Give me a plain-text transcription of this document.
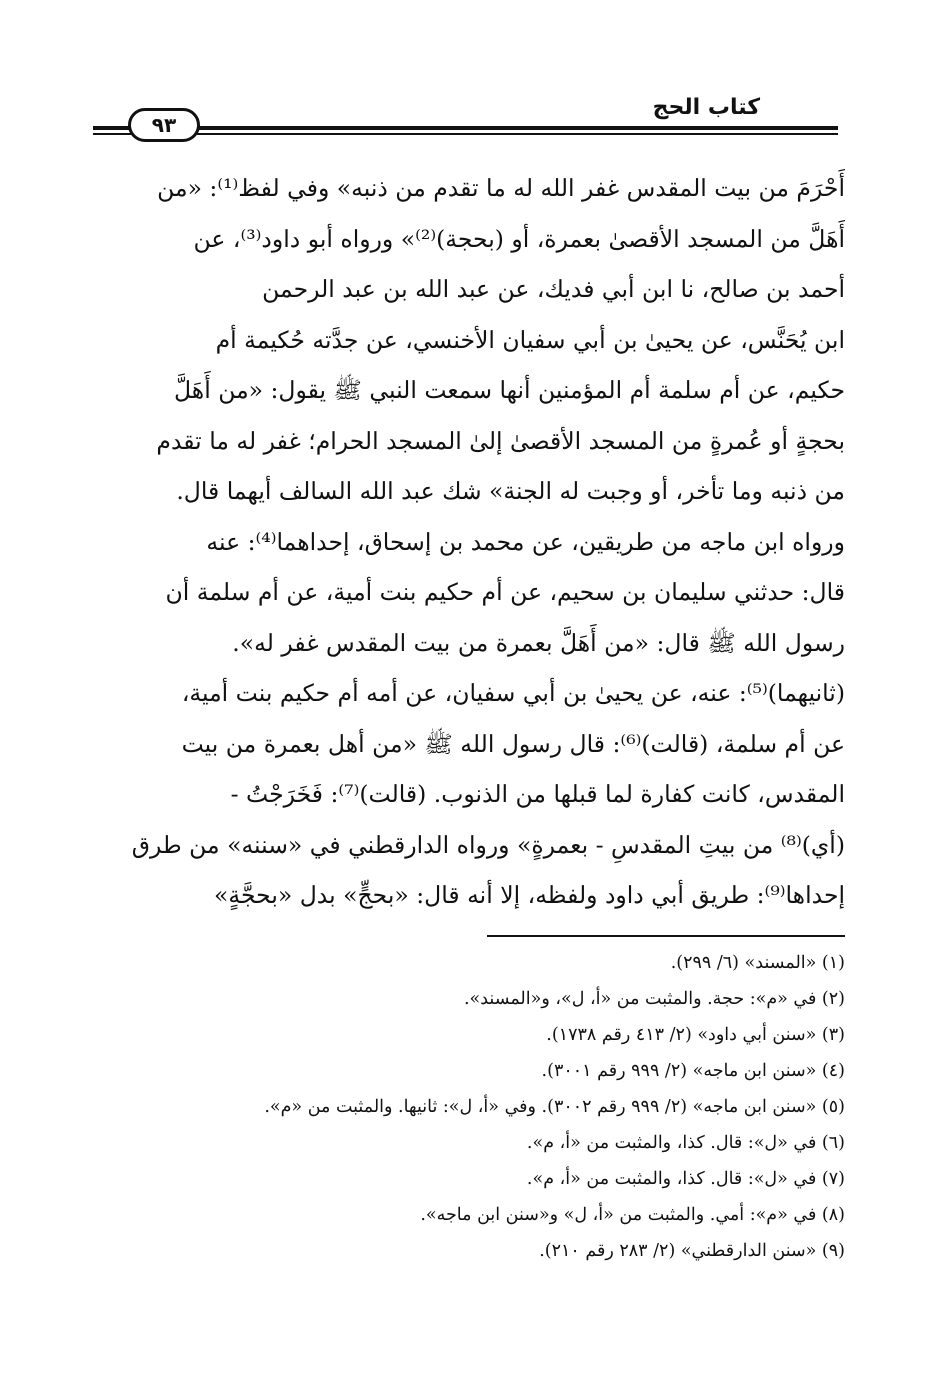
كتاب الحج
٩٣
أَحْرَمَ من بيت المقدس غفر الله له ما تقدم من ذنبه» وفي لفظ⁽¹⁾: «من
أَهَلَّ من المسجد الأقصىٰ بعمرة، أو (بحجة)⁽²⁾» ورواه أبو داود⁽³⁾، عن
أحمد بن صالح، نا ابن أبي فديك، عن عبد الله بن عبد الرحمن
ابن يُحَنَّس، عن يحيىٰ بن أبي سفيان الأخنسي، عن جدَّته حُكيمة أم
حكيم، عن أم سلمة أم المؤمنين أنها سمعت النبي ﷺ يقول: «من أَهَلَّ
بحجةٍ أو عُمرةٍ من المسجد الأقصىٰ إلىٰ المسجد الحرام؛ غفر له ما تقدم
من ذنبه وما تأخر، أو وجبت له الجنة» شك عبد الله السالف أيهما قال.
ورواه ابن ماجه من طريقين، عن محمد بن إسحاق، إحداهما⁽⁴⁾: عنه
قال: حدثني سليمان بن سحيم، عن أم حكيم بنت أمية، عن أم سلمة أن
رسول الله ﷺ قال: «من أَهَلَّ بعمرة من بيت المقدس غفر له».
(ثانيهما)⁽⁵⁾: عنه، عن يحيىٰ بن أبي سفيان، عن أمه أم حكيم بنت أمية،
عن أم سلمة، (قالت)⁽⁶⁾: قال رسول الله ﷺ «من أهل بعمرة من بيت
المقدس، كانت كفارة لما قبلها من الذنوب. (قالت)⁽⁷⁾: فَخَرَجْتُ -
(أي)⁽⁸⁾ من بيتِ المقدسِ - بعمرةٍ» ورواه الدارقطني في «سننه» من طرق
إحداها⁽⁹⁾: طريق أبي داود ولفظه، إلا أنه قال: «بحجٍّ» بدل «بحجَّةٍ»
(١) «المسند» (٦/ ٢٩٩).
(٢) في «م»: حجة. والمثبت من «أ، ل»، و«المسند».
(٣) «سنن أبي داود» (٢/ ٤١٣ رقم ١٧٣٨).
(٤) «سنن ابن ماجه» (٢/ ٩٩٩ رقم ٣٠٠١).
(٥) «سنن ابن ماجه» (٢/ ٩٩٩ رقم ٣٠٠٢). وفي «أ، ل»: ثانيها. والمثبت من «م».
(٦) في «ل»: قال. كذا، والمثبت من «أ، م».
(٧) في «ل»: قال. كذا، والمثبت من «أ، م».
(٨) في «م»: أمي. والمثبت من «أ، ل» و«سنن ابن ماجه».
(٩) «سنن الدارقطني» (٢/ ٢٨٣ رقم ٢١٠).
